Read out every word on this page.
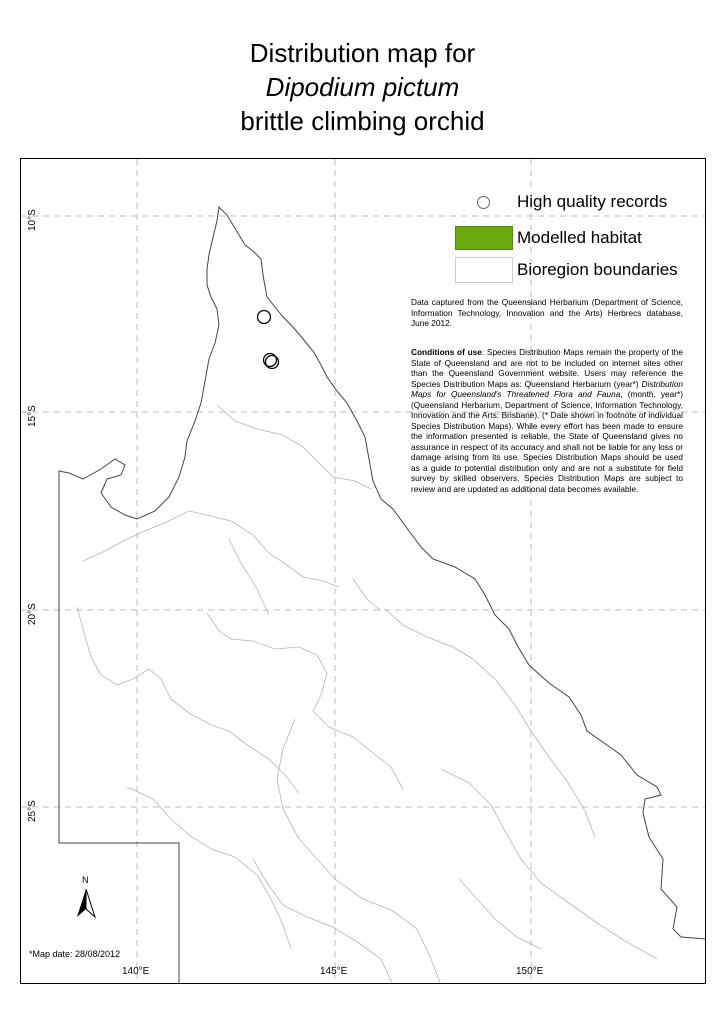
Distribution map for
Dipodium pictum
brittle climbing orchid
High quality records
Modelled habitat
Bioregion boundaries
Data captured from the Queensland Herbarium (Department of Science, Information Technology, Innovation and the Arts) Herbrecs database, June 2012.
Conditions of use: Species Distribution Maps remain the property of the State of Queensland and are not to be included on internet sites other than the Queensland Government website. Users may reference the Species Distribution Maps as: Queensland Herbarium (year*) Distribution Maps for Queensland's Threatened Flora and Fauna, (month, year*) (Queensland Herbarium, Department of Science, Information Technology, Innovation and the Arts: Brisbane). (* Date shown in footnote of individual Species Distribution Maps). While every effort has been made to ensure the information presented is reliable, the State of Queensland gives no assurance in respect of its accuracy and shall not be liable for any loss or damage arising from its use. Species Distribution Maps should be used as a guide to potential distribution only and are not a substitute for field survey by skilled observers. Species Distribution Maps are subject to review and are updated as additional data becomes available.
N
*Map date: 28/08/2012
140°E	145°E	150°E
10°S
15°S
20°S
25°S
